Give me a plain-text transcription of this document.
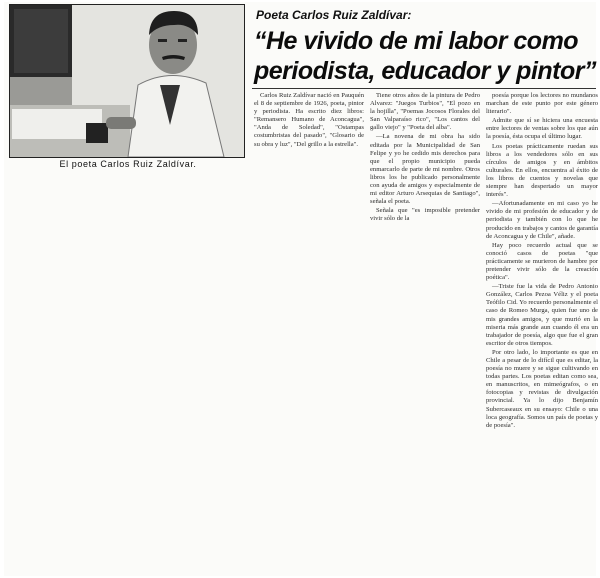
El poeta Carlos Ruiz Zaldívar.
Poeta Carlos Ruiz Zaldívar:
“He vivido de mi labor como periodista, educador y pintor”

Carlos Ruiz Zaldívar nació en Pauquén el 8 de septiembre de 1926, poeta, pintor y periodista. Ha escrito diez libros: "Remansero Humano de Aconcagua", "Anda de Soledad", "Ostampas costumbristas del pasado", "Glosario de su obra y luz", "Del grillo a la estrella".

Tiene otros años de la pintura de Pedro Alvarez: "Juegos Turbios", "El pozo en la hojilla", "Poemas Jocosos Florales del San Valparaíso rico", "Los cantos del gallo viejo" y "Poeta del alba".

—La novena de mi obra ha sido editada por la Municipalidad de San Felipe y yo he cedido mis derechos para que el propio municipio pueda enmarcarlo de parte de mi nombre. Otros libros los he publicado personalmente con ayuda de amigos y especialmente de mi editor Arturo Arsequias de Santiago", señala el poeta.

Señala que "es imposible pretender vivir sólo de la

poesía porque los lectores no mundanos marchan de este punto por este género literario".

Admite que sí se hiciera una encuesta entre lectores de ventas sobre los que aún la poesía, ésta ocupa el último lugar.

Los poetas prácticamente ruedan sus libros a los vendedores sólo en sus círculos de amigos y en ámbitos culturales. En ellos, encuentra al éxito de los libros de cuentos y novelas que siempre han despertado un mayor interés".

—Afortunadamente en mi caso yo he vivido de mi profesión de educador y de periodista y también con lo que he producido en trabajos y cantos de garantía de Aconcagua y de Chile", añade.

Hay poco recuerdo actual que se conoció casos de poetas "que prácticamente se murieron de hambre por pretender vivir sólo de la creación poética".

—Triste fue la vida de Pedro Antonio González, Carlos Pezoa Véliz y el poeta Teófilo Cid. Yo recuerdo personalmente el caso de Romeo Murga, quien fue uno de mis grandes amigos, y que murió en la miseria más grande aun cuando él era un trabajador de poesía, algo que fue el gran escritor de otros tiempos.

Por otro lado, lo importante es que en Chile a pesar de lo difícil que es editar, la poesía no muere y se sigue cultivando en todas partes. Los poetas editan como sea, en manuscritos, en mimeógrafos, o en fotocopias y revistas de divulgación provincial. Ya lo dijo Benjamín Subercaseaux en su ensayo: Chile o una loca geografía. Somos un país de poetas y de poesía".
